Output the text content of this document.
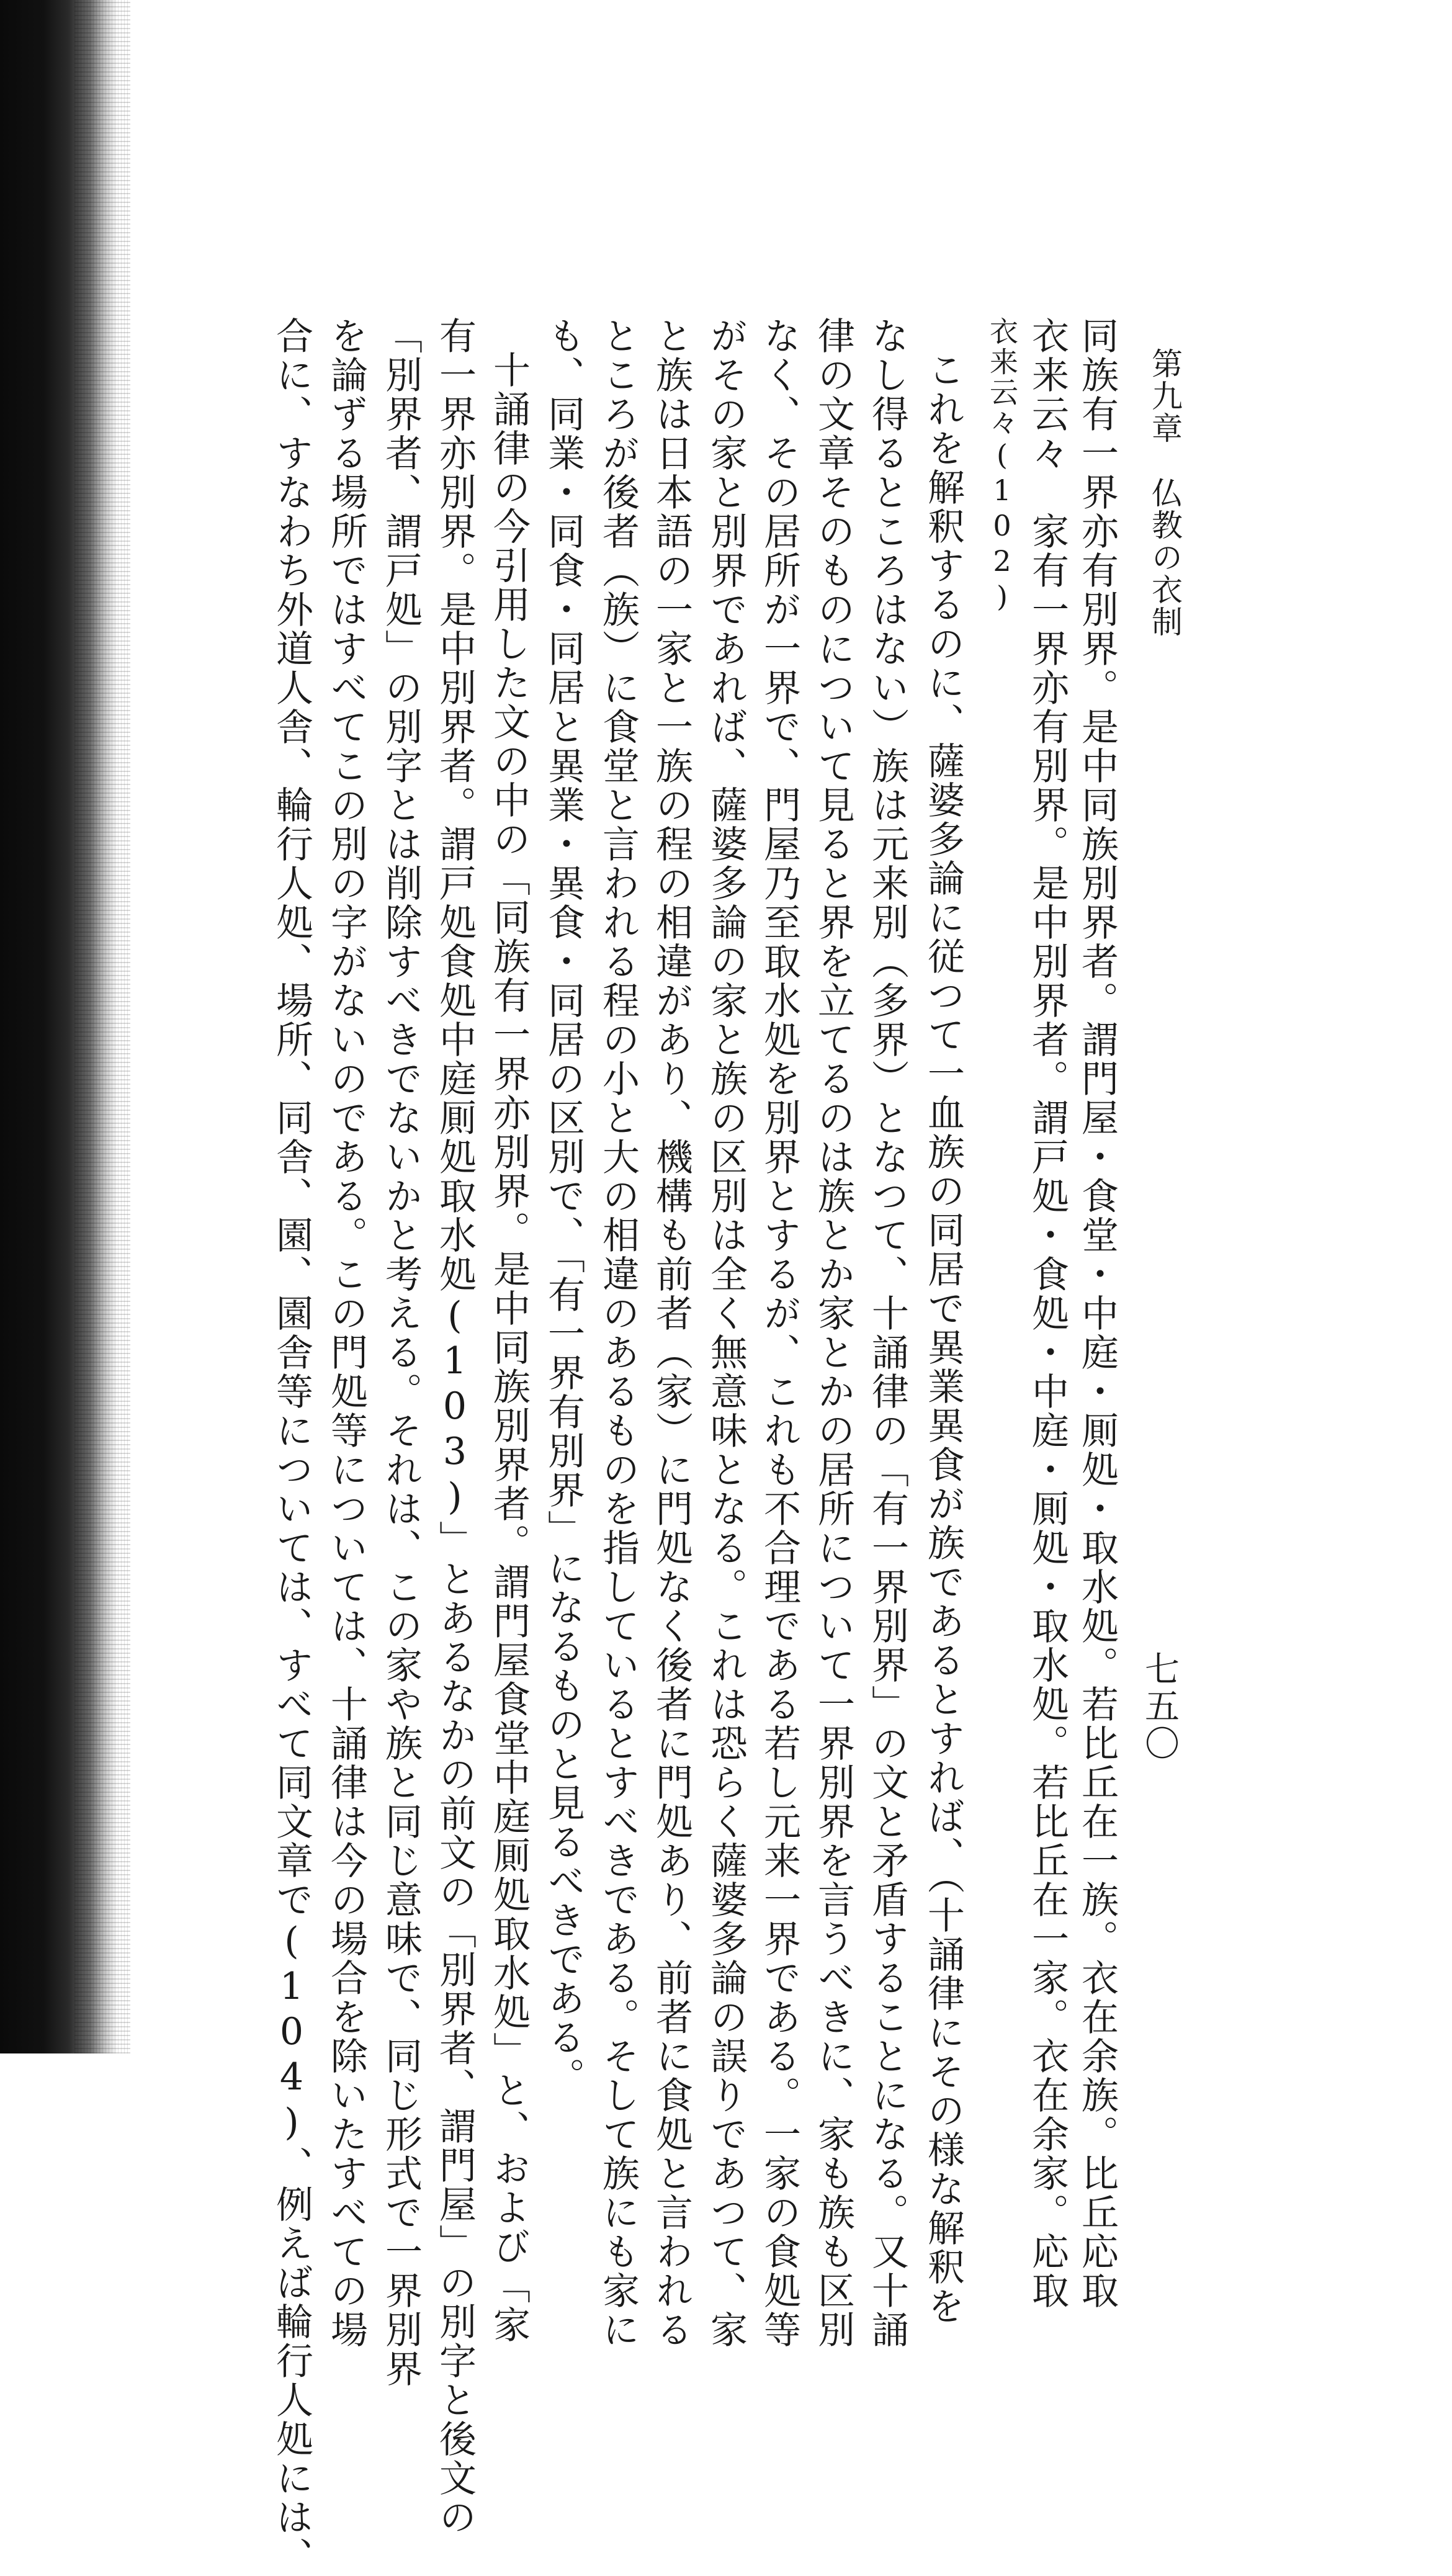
第九章　仏教の衣制
七五〇
同族有一界亦有別界。是中同族別界者。謂門屋・食堂・中庭・厠処・取水処。若比丘在一族。衣在余族。比丘応取
衣来云々　家有一界亦有別界。是中別界者。謂戸処・食処・中庭・厠処・取水処。若比丘在一家。衣在余家。応取
衣来云々(102)
これを解釈するのに、薩婆多論に従つて一血族の同居で異業異食が族であるとすれば、（十誦律にその様な解釈を
なし得るところはない）族は元来別（多界）となつて、十誦律の「有一界別界」の文と矛盾することになる。又十誦
律の文章そのものについて見ると界を立てるのは族とか家とかの居所について一界別界を言うべきに、家も族も区別
なく、その居所が一界で、門屋乃至取水処を別界とするが、これも不合理である若し元来一界である。一家の食処等
がその家と別界であれば、薩婆多論の家と族の区別は全く無意味となる。これは恐らく薩婆多論の誤りであつて、家
と族は日本語の一家と一族の程の相違があり、機構も前者（家）に門処なく後者に門処あり、前者に食処と言われる
ところが後者（族）に食堂と言われる程の小と大の相違のあるものを指しているとすべきである。そして族にも家に
も、同業・同食・同居と異業・異食・同居の区別で、「有一界有別界」になるものと見るべきである。
十誦律の今引用した文の中の「同族有一界亦別界。是中同族別界者。謂門屋食堂中庭厠処取水処」と、および「家
有一界亦別界。是中別界者。謂戸処食処中庭厠処取水処(103)」とあるなかの前文の「別界者、謂門屋」の別字と後文の
「別界者、謂戸処」の別字とは削除すべきでないかと考える。それは、この家や族と同じ意味で、同じ形式で一界別界
を論ずる場所ではすべてこの別の字がないのである。この門処等については、十誦律は今の場合を除いたすべての場
合に、すなわち外道人舎、輪行人処、場所、同舎、園、園舎等については、すべて同文章で(104)、例えば輪行人処には、
